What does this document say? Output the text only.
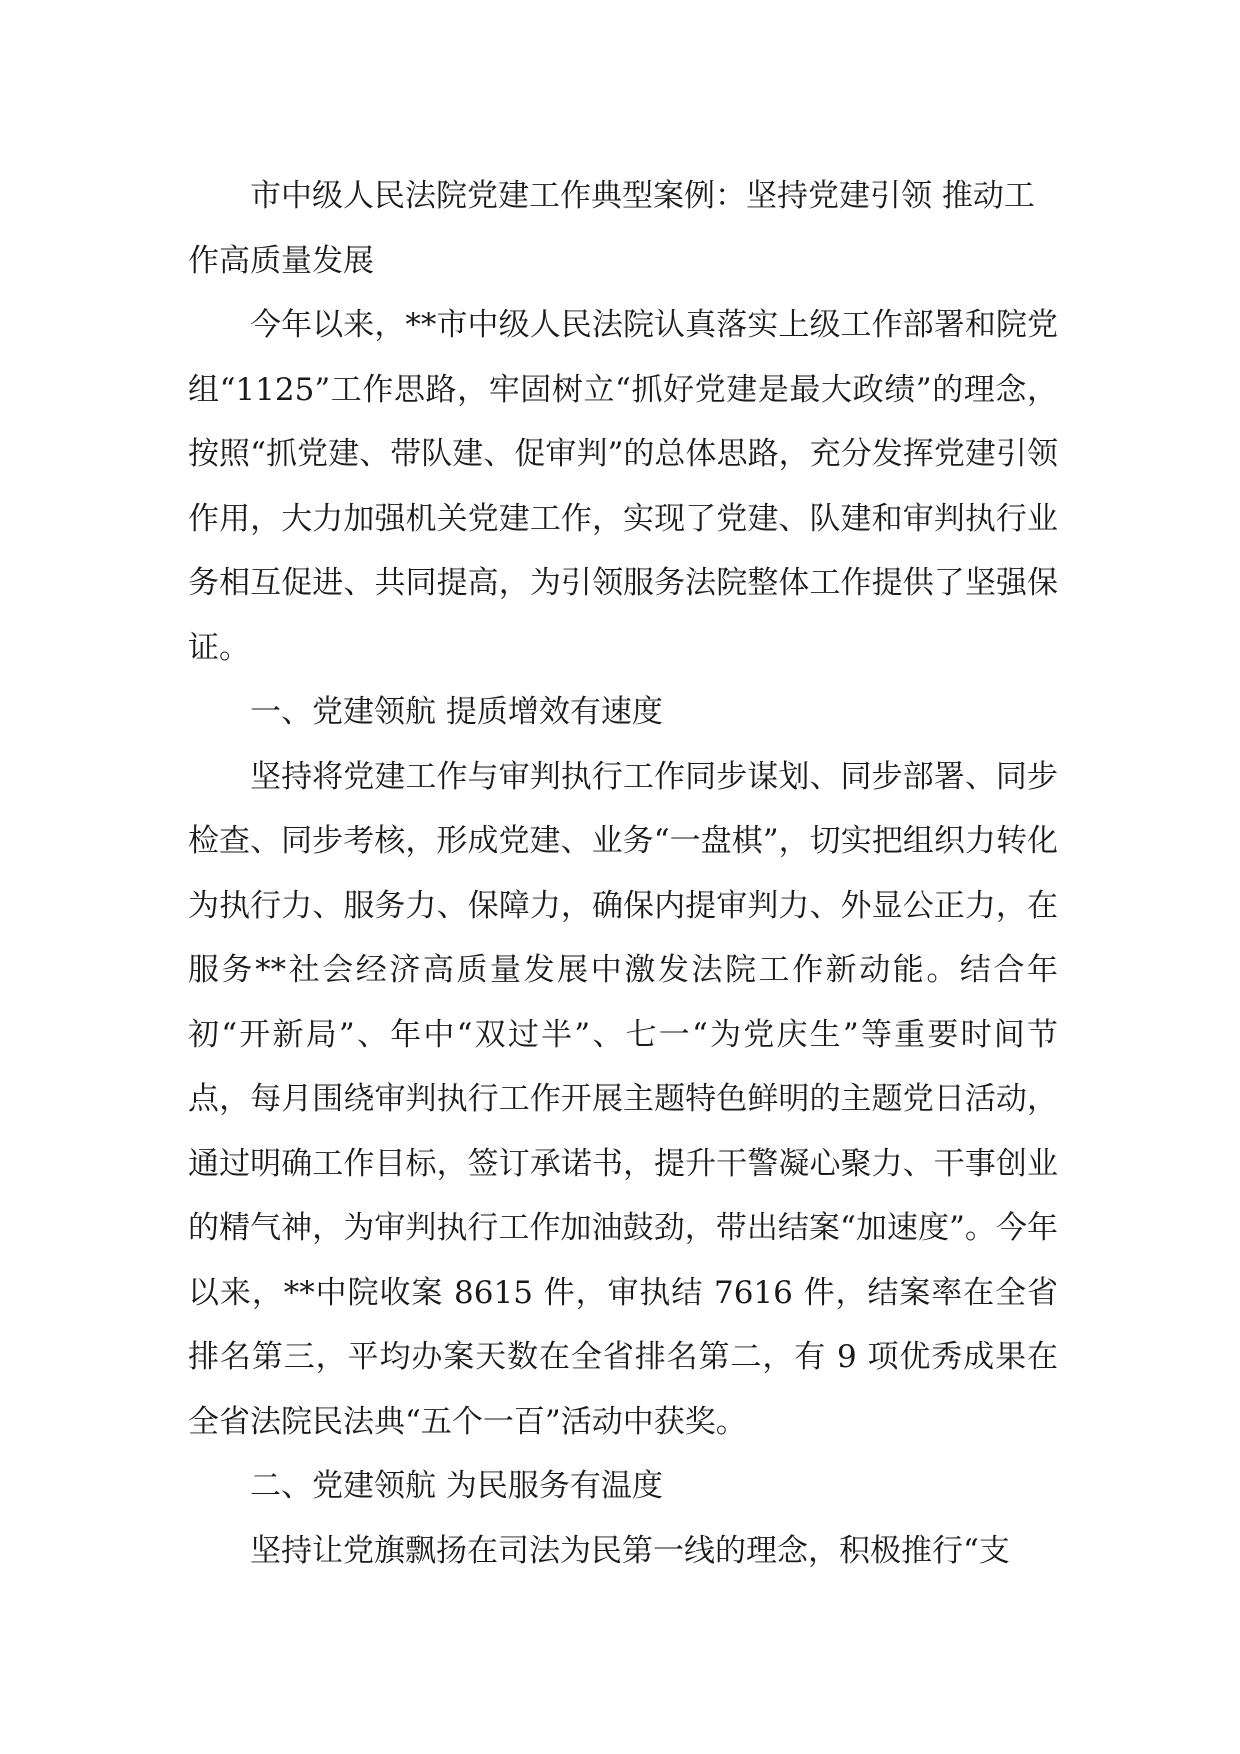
市中级人民法院党建工作典型案例：坚持党建引领 推动工作高质量发展

今年以来，**市中级人民法院认真落实上级工作部署和院党组“1125”工作思路，牢固树立“抓好党建是最大政绩”的理念，按照“抓党建、带队建、促审判”的总体思路，充分发挥党建引领作用，大力加强机关党建工作，实现了党建、队建和审判执行业务相互促进、共同提高，为引领服务法院整体工作提供了坚强保证。

一、党建领航 提质增效有速度

坚持将党建工作与审判执行工作同步谋划、同步部署、同步检查、同步考核，形成党建、业务“一盘棋”，切实把组织力转化为执行力、服务力、保障力，确保内提审判力、外显公正力，在服务**社会经济高质量发展中激发法院工作新动能。结合年初“开新局”、年中“双过半”、七一“为党庆生”等重要时间节点，每月围绕审判执行工作开展主题特色鲜明的主题党日活动，通过明确工作目标，签订承诺书，提升干警凝心聚力、干事创业的精气神，为审判执行工作加油鼓劲，带出结案“加速度”。今年以来，**中院收案 8615 件，审执结 7616 件，结案率在全省排名第三，平均办案天数在全省排名第二，有 9 项优秀成果在全省法院民法典“五个一百”活动中获奖。

二、党建领航 为民服务有温度

坚持让党旗飘扬在司法为民第一线的理念，积极推行“支
